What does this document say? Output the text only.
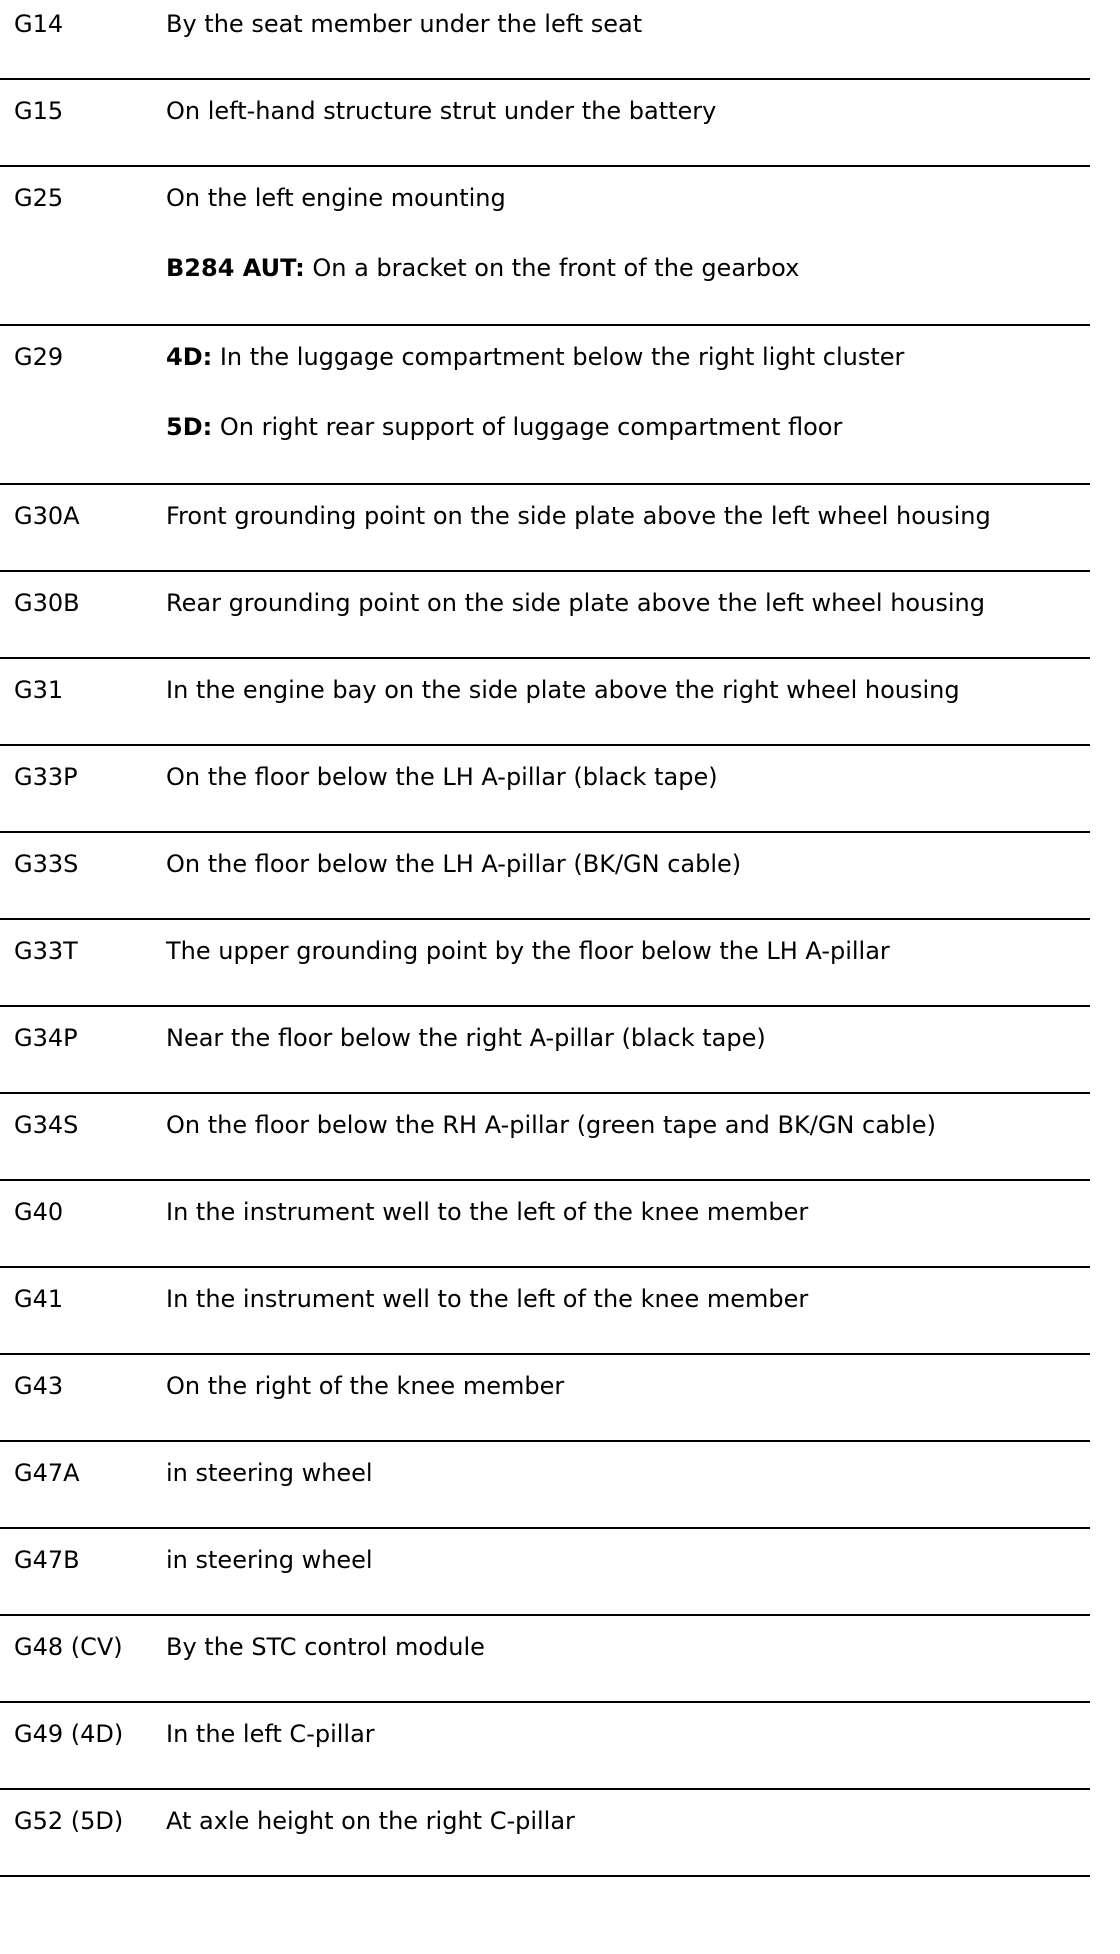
G14	By the seat member under the left seat
G15	On left-hand structure strut under the battery
G25	On the left engine mounting
B284 AUT: On a bracket on the front of the gearbox
G29	4D: In the luggage compartment below the right light cluster
5D: On right rear support of luggage compartment floor
G30A	Front grounding point on the side plate above the left wheel housing
G30B	Rear grounding point on the side plate above the left wheel housing
G31	In the engine bay on the side plate above the right wheel housing
G33P	On the floor below the LH A-pillar (black tape)
G33S	On the floor below the LH A-pillar (BK/GN cable)
G33T	The upper grounding point by the floor below the LH A-pillar
G34P	Near the floor below the right A-pillar (black tape)
G34S	On the floor below the RH A-pillar (green tape and BK/GN cable)
G40	In the instrument well to the left of the knee member
G41	In the instrument well to the left of the knee member
G43	On the right of the knee member
G47A	in steering wheel
G47B	in steering wheel
G48 (CV)	By the STC control module
G49 (4D)	In the left C-pillar
G52 (5D)	At axle height on the right C-pillar
